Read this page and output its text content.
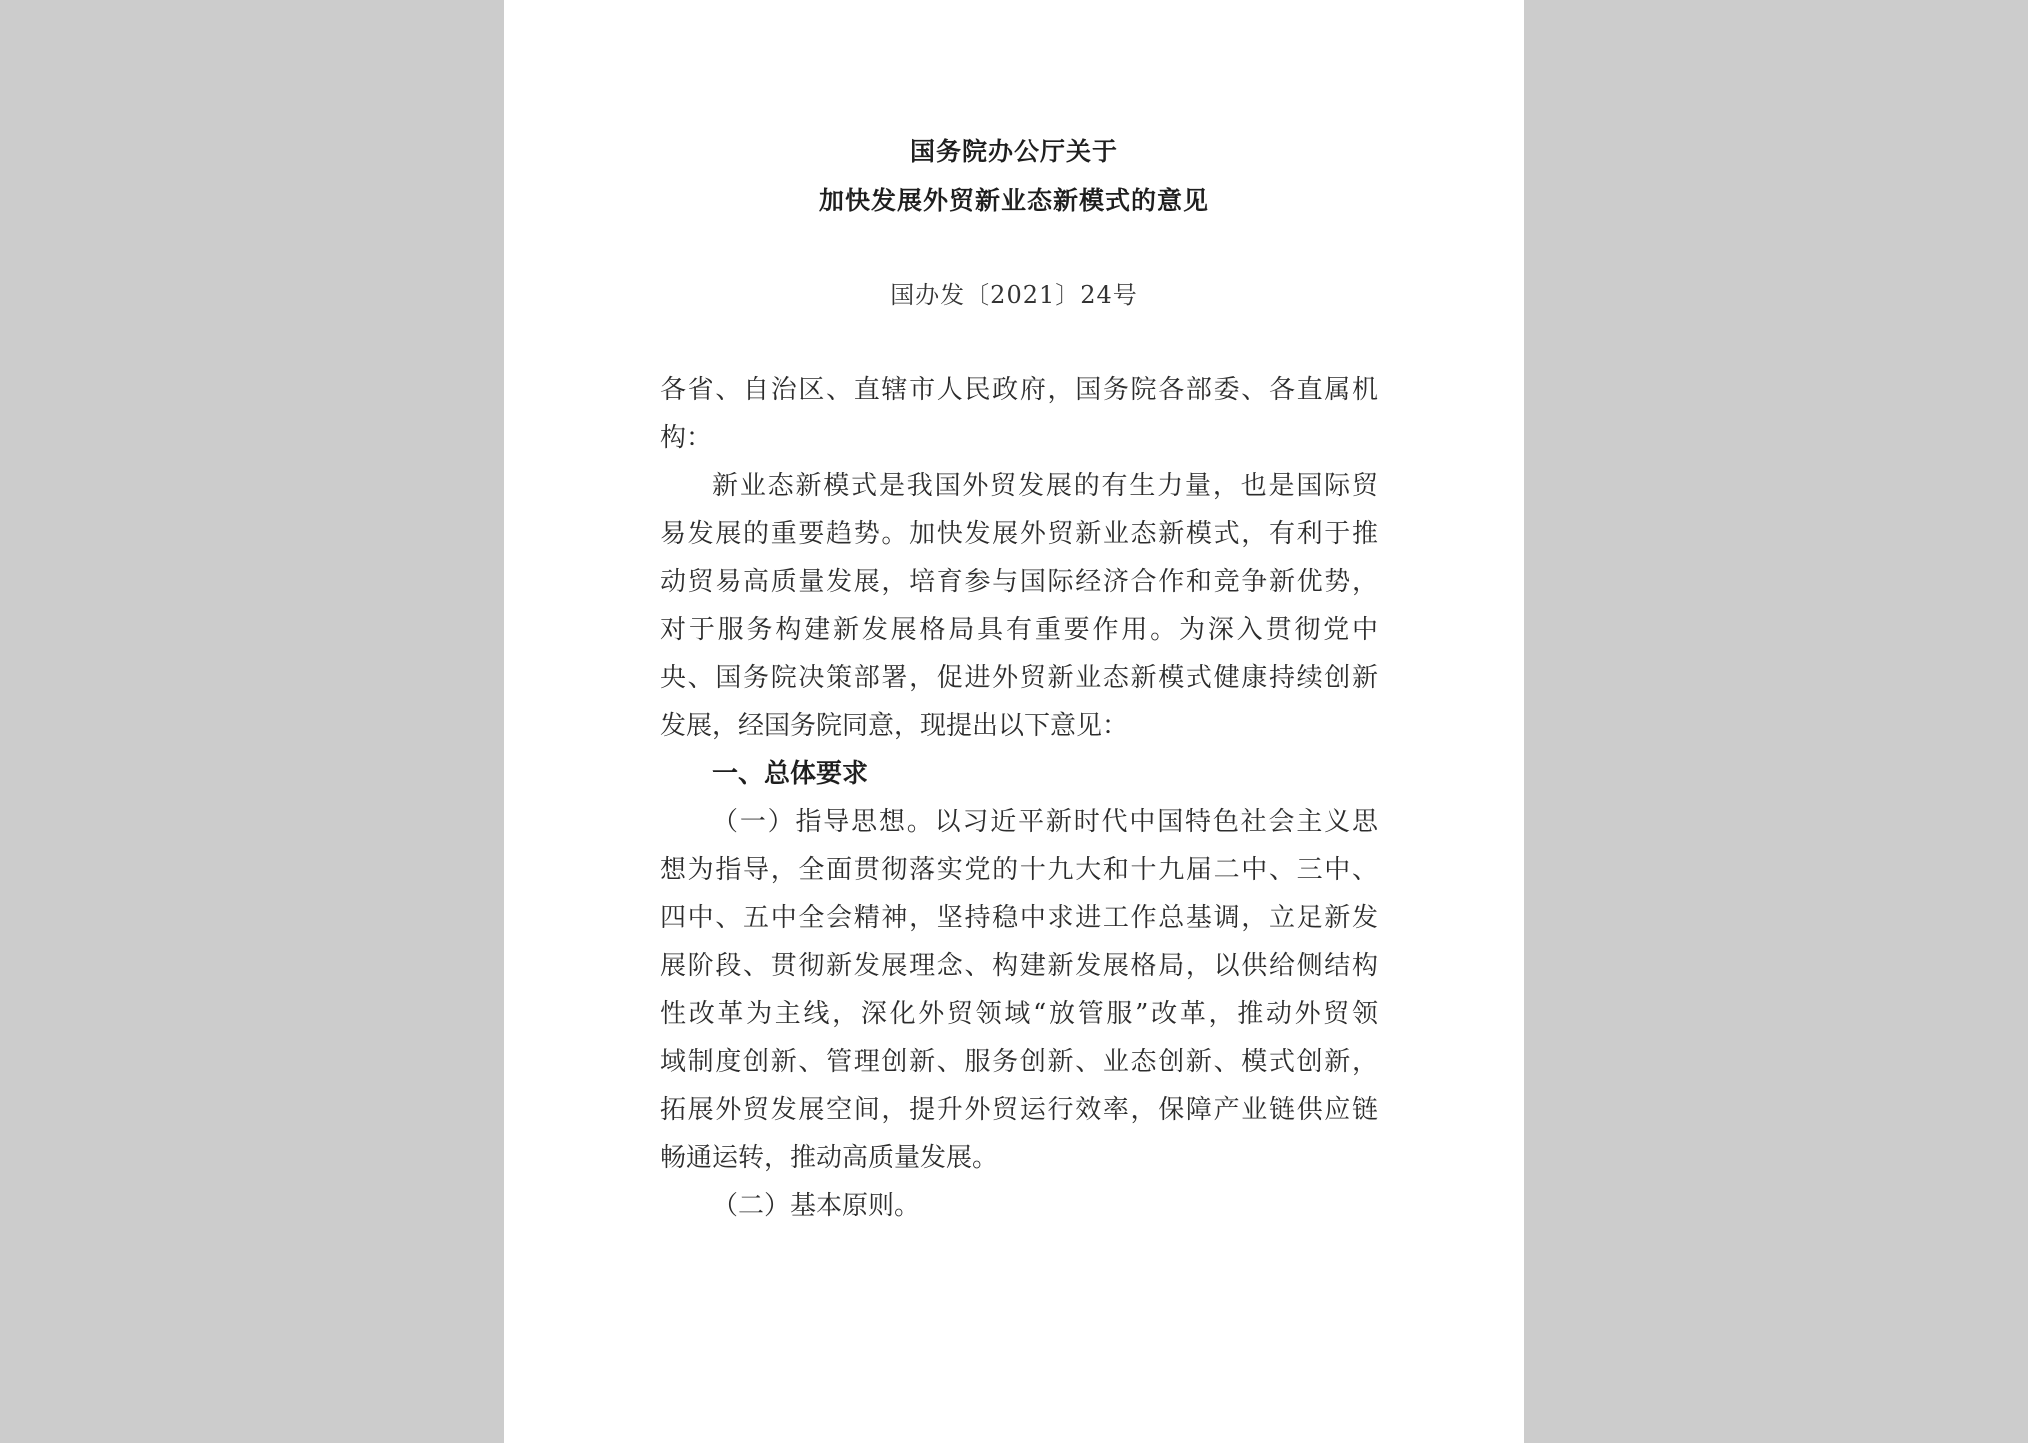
国务院办公厅关于
加快发展外贸新业态新模式的意见
国办发〔2021〕24号
各省、自治区、直辖市人民政府，国务院各部委、各直属机
构：
新业态新模式是我国外贸发展的有生力量，也是国际贸
易发展的重要趋势。加快发展外贸新业态新模式，有利于推
动贸易高质量发展，培育参与国际经济合作和竞争新优势，
对于服务构建新发展格局具有重要作用。为深入贯彻党中
央、国务院决策部署，促进外贸新业态新模式健康持续创新
发展，经国务院同意，现提出以下意见：
一、总体要求
（一）指导思想。以习近平新时代中国特色社会主义思
想为指导，全面贯彻落实党的十九大和十九届二中、三中、
四中、五中全会精神，坚持稳中求进工作总基调，立足新发
展阶段、贯彻新发展理念、构建新发展格局，以供给侧结构
性改革为主线，深化外贸领域“放管服”改革，推动外贸领
域制度创新、管理创新、服务创新、业态创新、模式创新，
拓展外贸发展空间，提升外贸运行效率，保障产业链供应链
畅通运转，推动高质量发展。
（二）基本原则。
